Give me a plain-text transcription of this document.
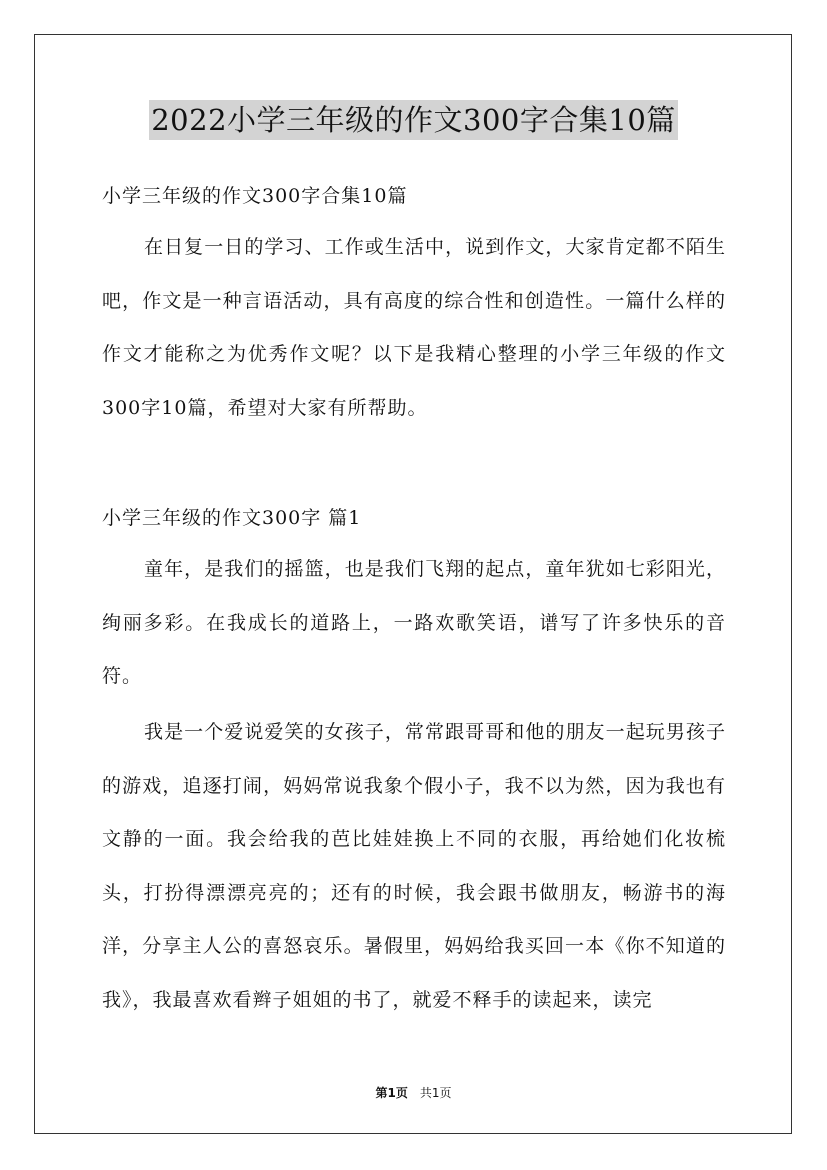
2022小学三年级的作文300字合集10篇

小学三年级的作文300字合集10篇

在日复一日的学习、工作或生活中，说到作文，大家肯定都不陌生吧，作文是一种言语活动，具有高度的综合性和创造性。一篇什么样的作文才能称之为优秀作文呢？以下是我精心整理的小学三年级的作文300字10篇，希望对大家有所帮助。

小学三年级的作文300字 篇1

童年，是我们的摇篮，也是我们飞翔的起点，童年犹如七彩阳光，绚丽多彩。在我成长的道路上，一路欢歌笑语，谱写了许多快乐的音符。

我是一个爱说爱笑的女孩子，常常跟哥哥和他的朋友一起玩男孩子的游戏，追逐打闹，妈妈常说我象个假小子，我不以为然，因为我也有文静的一面。我会给我的芭比娃娃换上不同的衣服，再给她们化妆梳头，打扮得漂漂亮亮的；还有的时候，我会跟书做朋友，畅游书的海洋，分享主人公的喜怒哀乐。暑假里，妈妈给我买回一本《你不知道的我》，我最喜欢看辫子姐姐的书了，就爱不释手的读起来，读完

第1页 共1页
